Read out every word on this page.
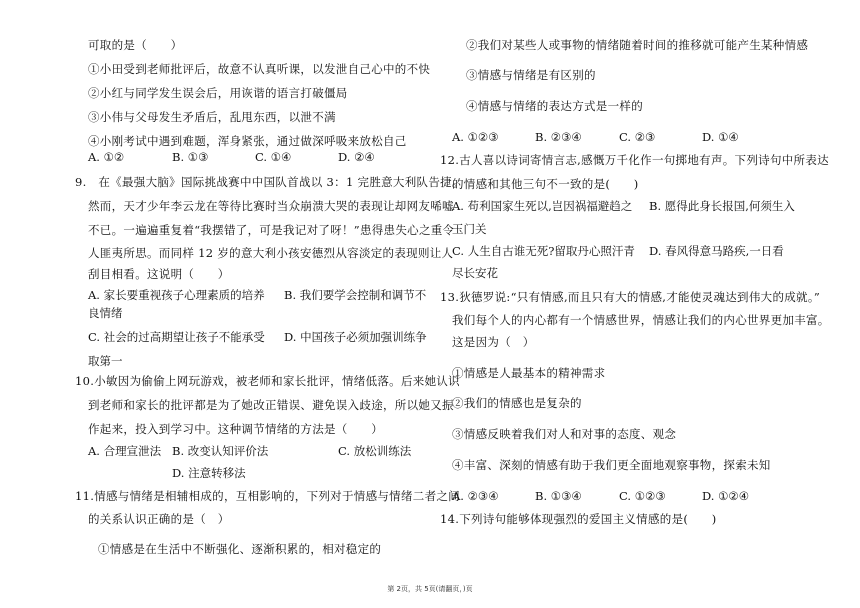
可取的是（　　）
①小田受到老师批评后，故意不认真听课，以发泄自己心中的不快
②小红与同学发生误会后，用诙谐的语言打破僵局
③小伟与父母发生矛盾后，乱甩东西，以泄不满
④小刚考试中遇到难题，浑身紧张，通过做深呼吸来放松自己
A. ①②	B. ①③	C. ①④	D. ②④
9.　在《最强大脑》国际挑战赛中中国队首战以 3：1 完胜意大利队告捷。
然而，天才少年李云龙在等待比赛时当众崩溃大哭的表现让却网友唏嘘
不已。一遍遍重复着“我摆错了，可是我记对了呀！”患得患失心之重令
人匪夷所思。而同样 12 岁的意大利小孩安德烈从容淡定的表现则让人
刮目相看。这说明（　　）
A. 家长要重视孩子心理素质的培养 B. 我们要学会控制和调节不
良情绪
C. 社会的过高期望让孩子不能承受 D. 中国孩子必须加强训练争
取第一
10.小敏因为偷偷上网玩游戏，被老师和家长批评，情绪低落。后来她认识
到老师和家长的批评都是为了她改正错误、避免误入歧途，所以她又振
作起来，投入到学习中。这种调节情绪的方法是（　　）
A. 合理宣泄法 B. 改变认知评价法	C. 放松训练法
D. 注意转移法
11.情感与情绪是相辅相成的，互相影响的，下列对于情感与情绪二者之间
的关系认识正确的是（　）
①情感是在生活中不断强化、逐渐积累的，相对稳定的
②我们对某些人或事物的情绪随着时间的推移就可能产生某种情感
③情感与情绪是有区别的
④情感与情绪的表达方式是一样的
A. ①②③	B. ②③④	C. ②③	D. ①④
12.古人喜以诗词寄情言志,感慨万千化作一句掷地有声。下列诗句中所表达
的情感和其他三句不一致的是(　　)
A. 苟利国家生死以,岂因祸福避趋之 B. 愿得此身长报国,何须生入
玉门关
C. 人生自古谁无死?留取丹心照汗青 D. 春风得意马路疾,一日看
尽长安花
13.狄德罗说:“只有情感,而且只有大的情感,才能使灵魂达到伟大的成就。”
我们每个人的内心都有一个情感世界，情感让我们的内心世界更加丰富。
这是因为（　）
①情感是人最基本的精神需求
②我们的情感也是复杂的
③情感反映着我们对人和对事的态度、观念
④丰富、深刻的情感有助于我们更全面地观察事物，探索未知
A. ②③④	B. ①③④	C. ①②③	D. ①②④
14.下列诗句能够体现强烈的爱国主义情感的是(　　)
第 2页，共 5页(请翻页，)页
